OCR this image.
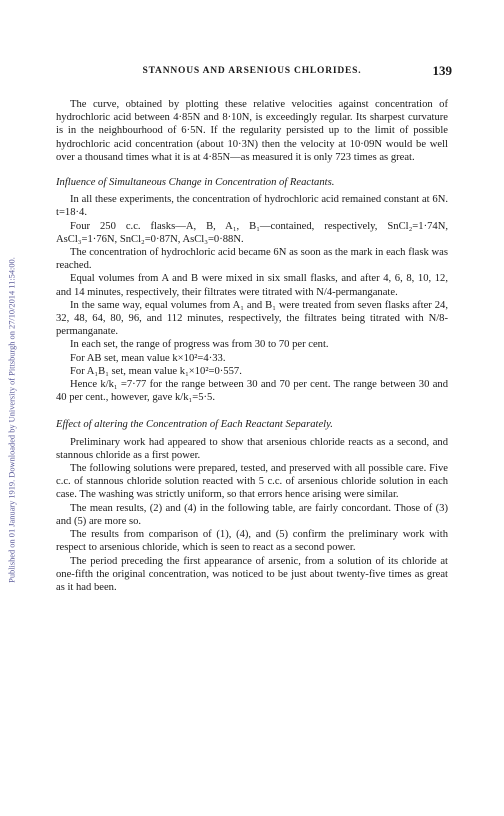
Published on 01 January 1919. Downloaded by University of Pittsburgh on 27/10/2014 11:54:00.
STANNOUS AND ARSENIOUS CHLORIDES.	139

The curve, obtained by plotting these relative velocities against concentration of hydrochloric acid between 4·85N and 8·10N, is exceedingly regular. Its sharpest curvature is in the neighbourhood of 6·5N. If the regularity persisted up to the limit of possible hydrochloric acid concentration (about 10·3N) then the velocity at 10·09N would be well over a thousand times what it is at 4·85N—as measured it is only 723 times as great.

Influence of Simultaneous Change in Concentration of Reactants.

In all these experiments, the concentration of hydrochloric acid remained constant at 6N. t=18·4.

Four 250 c.c. flasks—A, B, A₁, B₁—contained, respectively, SnCl₂=1·74N, AsCl₃=1·76N, SnCl₂=0·87N, AsCl₃=0·88N.

The concentration of hydrochloric acid became 6N as soon as the mark in each flask was reached.

Equal volumes from A and B were mixed in six small flasks, and after 4, 6, 8, 10, 12, and 14 minutes, respectively, their filtrates were titrated with N/4-permanganate.

In the same way, equal volumes from A₁ and B₁ were treated from seven flasks after 24, 32, 48, 64, 80, 96, and 112 minutes, respectively, the filtrates being titrated with N/8-permanganate.

In each set, the range of progress was from 30 to 70 per cent.

For AB set, mean value k×10²=4·33.

For A₁B₁ set, mean value k₁×10²=0·557.

Hence k/k₁ =7·77 for the range between 30 and 70 per cent. The range between 30 and 40 per cent., however, gave k/k₁=5·5.

Effect of altering the Concentration of Each Reactant Separately.

Preliminary work had appeared to show that arsenious chloride reacts as a second, and stannous chloride as a first power.

The following solutions were prepared, tested, and preserved with all possible care. Five c.c. of stannous chloride solution reacted with 5 c.c. of arsenious chloride solution in each case. The washing was strictly uniform, so that errors hence arising were similar.

The mean results, (2) and (4) in the following table, are fairly concordant. Those of (3) and (5) are more so.

The results from comparison of (1), (4), and (5) confirm the preliminary work with respect to arsenious chloride, which is seen to react as a second power.

The period preceding the first appearance of arsenic, from a solution of its chloride at one-fifth the original concentration, was noticed to be just about twenty-five times as great as it had been.
